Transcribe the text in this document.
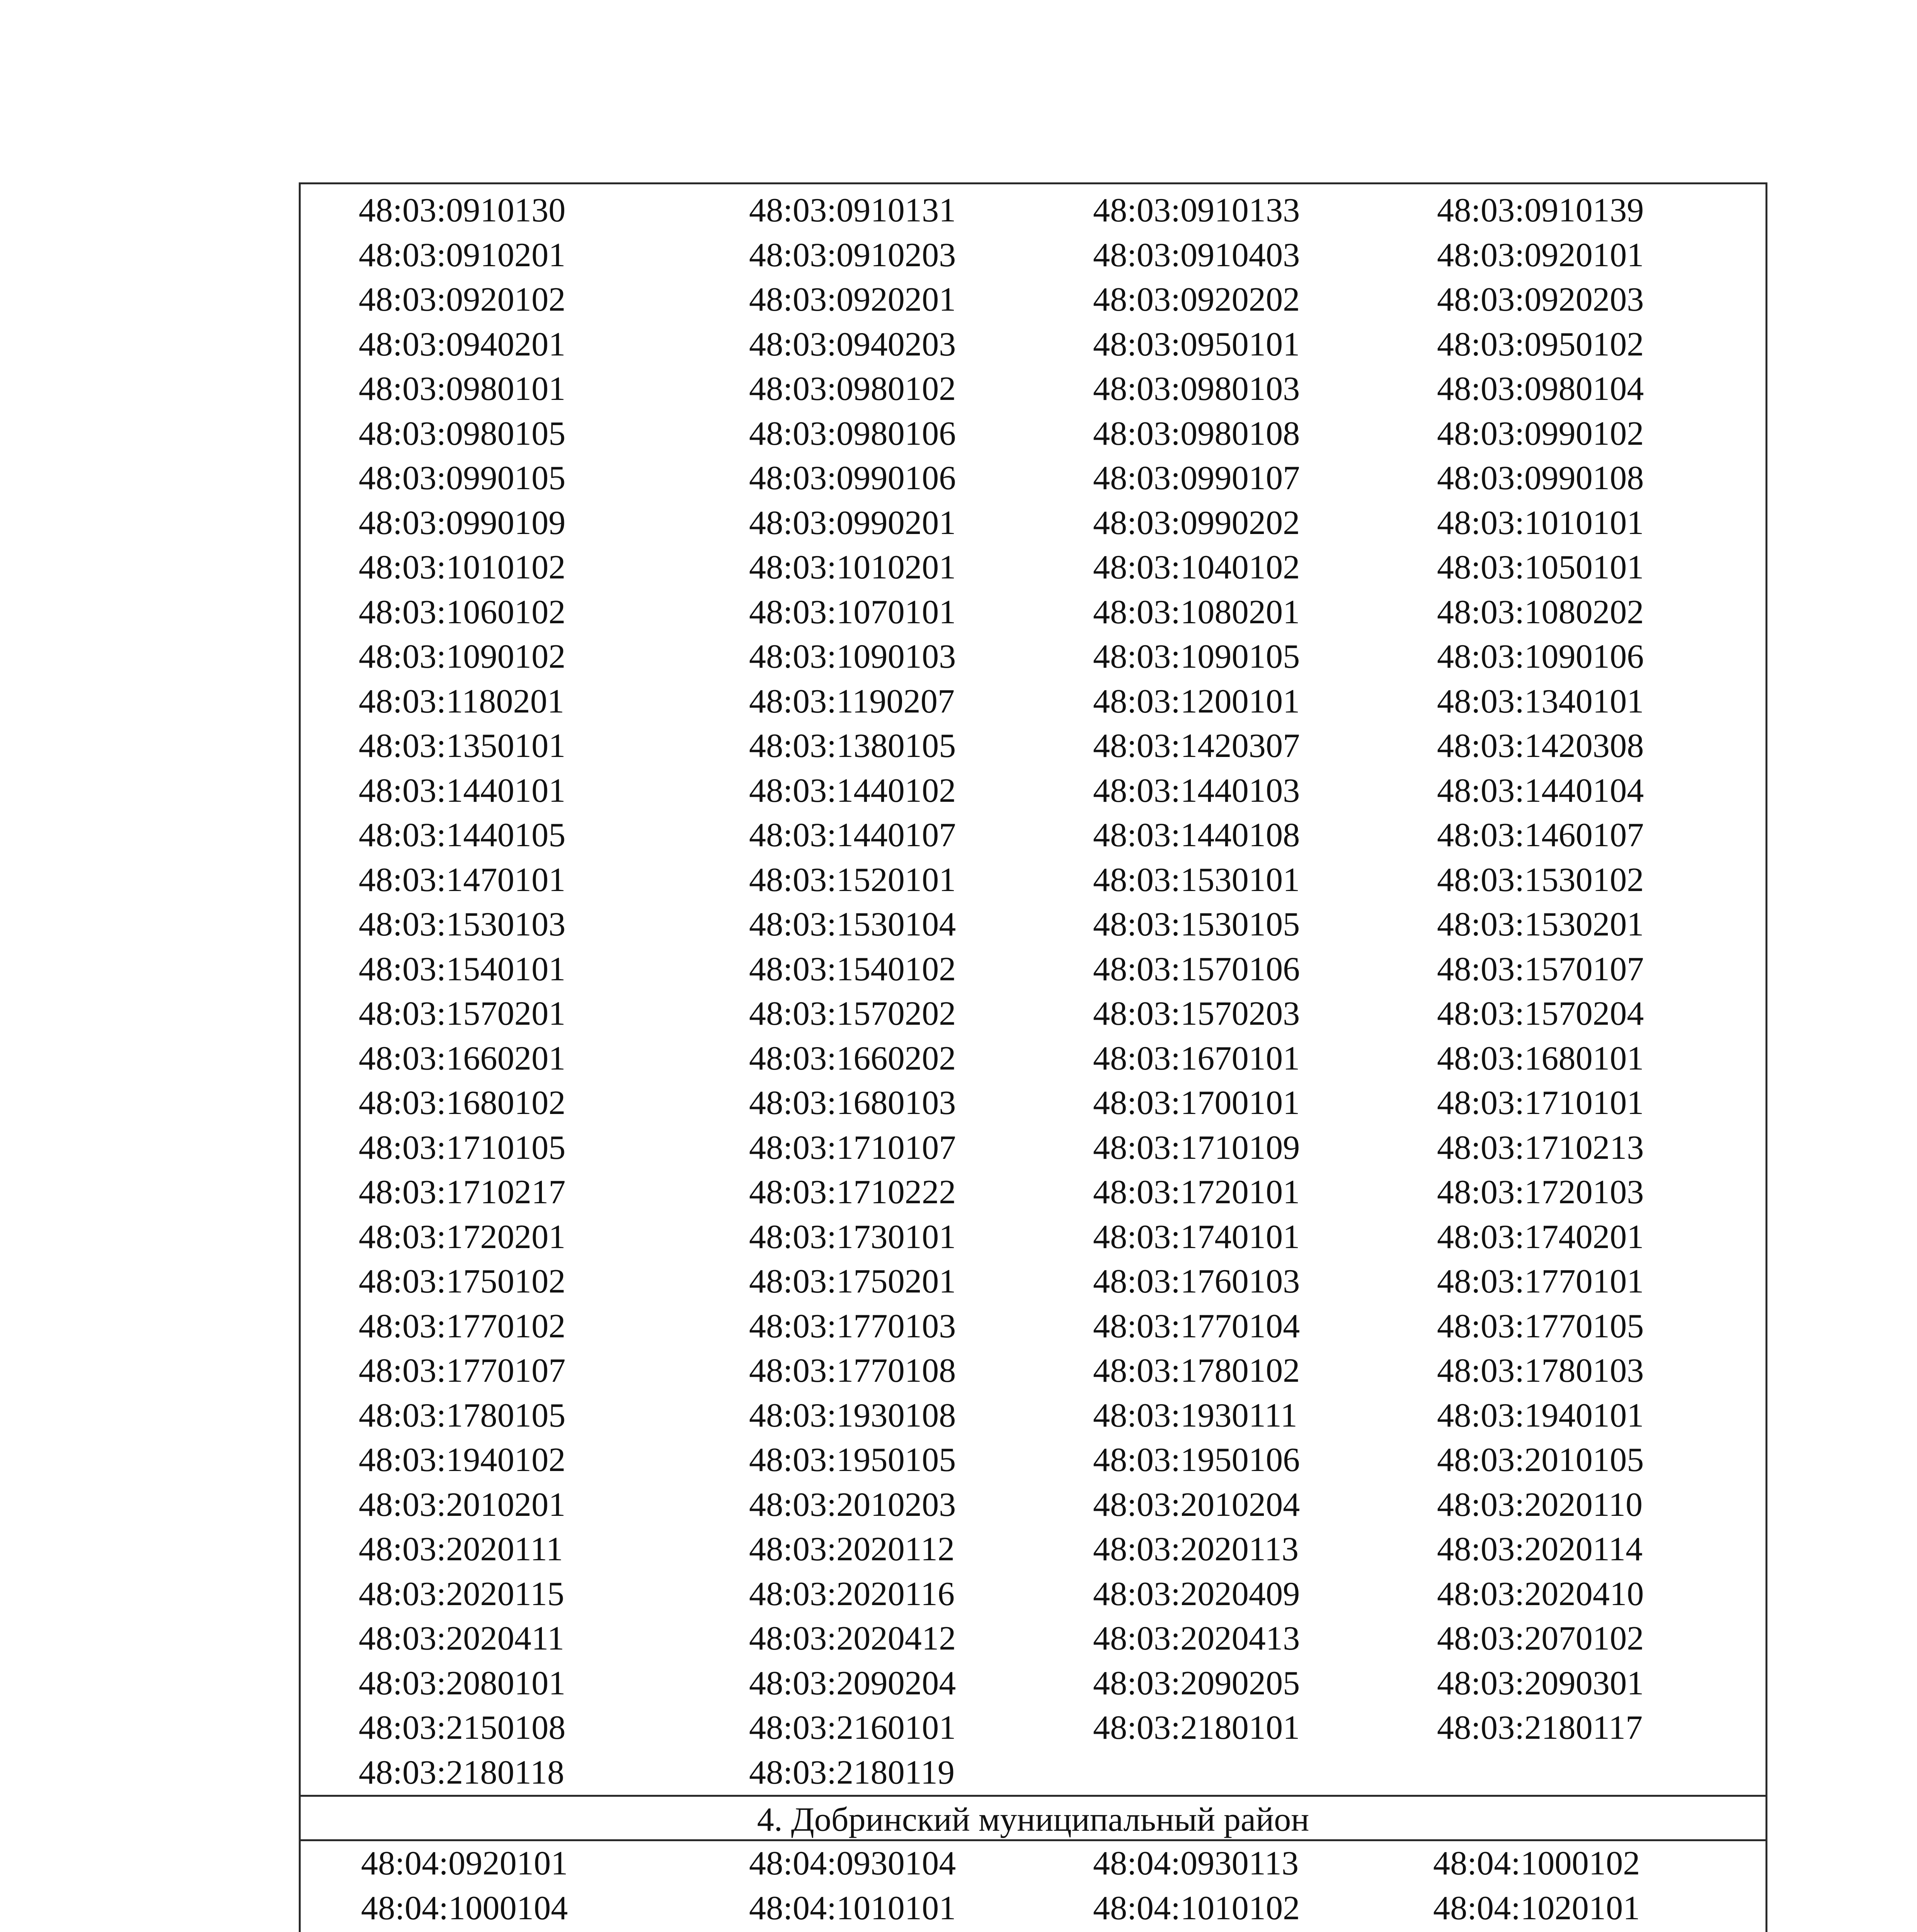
48:03:0910130	48:03:0910131	48:03:0910133	48:03:0910139
48:03:0910201	48:03:0910203	48:03:0910403	48:03:0920101
48:03:0920102	48:03:0920201	48:03:0920202	48:03:0920203
48:03:0940201	48:03:0940203	48:03:0950101	48:03:0950102
48:03:0980101	48:03:0980102	48:03:0980103	48:03:0980104
48:03:0980105	48:03:0980106	48:03:0980108	48:03:0990102
48:03:0990105	48:03:0990106	48:03:0990107	48:03:0990108
48:03:0990109	48:03:0990201	48:03:0990202	48:03:1010101
48:03:1010102	48:03:1010201	48:03:1040102	48:03:1050101
48:03:1060102	48:03:1070101	48:03:1080201	48:03:1080202
48:03:1090102	48:03:1090103	48:03:1090105	48:03:1090106
48:03:1180201	48:03:1190207	48:03:1200101	48:03:1340101
48:03:1350101	48:03:1380105	48:03:1420307	48:03:1420308
48:03:1440101	48:03:1440102	48:03:1440103	48:03:1440104
48:03:1440105	48:03:1440107	48:03:1440108	48:03:1460107
48:03:1470101	48:03:1520101	48:03:1530101	48:03:1530102
48:03:1530103	48:03:1530104	48:03:1530105	48:03:1530201
48:03:1540101	48:03:1540102	48:03:1570106	48:03:1570107
48:03:1570201	48:03:1570202	48:03:1570203	48:03:1570204
48:03:1660201	48:03:1660202	48:03:1670101	48:03:1680101
48:03:1680102	48:03:1680103	48:03:1700101	48:03:1710101
48:03:1710105	48:03:1710107	48:03:1710109	48:03:1710213
48:03:1710217	48:03:1710222	48:03:1720101	48:03:1720103
48:03:1720201	48:03:1730101	48:03:1740101	48:03:1740201
48:03:1750102	48:03:1750201	48:03:1760103	48:03:1770101
48:03:1770102	48:03:1770103	48:03:1770104	48:03:1770105
48:03:1770107	48:03:1770108	48:03:1780102	48:03:1780103
48:03:1780105	48:03:1930108	48:03:1930111	48:03:1940101
48:03:1940102	48:03:1950105	48:03:1950106	48:03:2010105
48:03:2010201	48:03:2010203	48:03:2010204	48:03:2020110
48:03:2020111	48:03:2020112	48:03:2020113	48:03:2020114
48:03:2020115	48:03:2020116	48:03:2020409	48:03:2020410
48:03:2020411	48:03:2020412	48:03:2020413	48:03:2070102
48:03:2080101	48:03:2090204	48:03:2090205	48:03:2090301
48:03:2150108	48:03:2160101	48:03:2180101	48:03:2180117
48:03:2180118	48:03:2180119
4. Добринский муниципальный район
48:04:0920101	48:04:0930104	48:04:0930113	48:04:1000102
48:04:1000104	48:04:1010101	48:04:1010102	48:04:1020101
